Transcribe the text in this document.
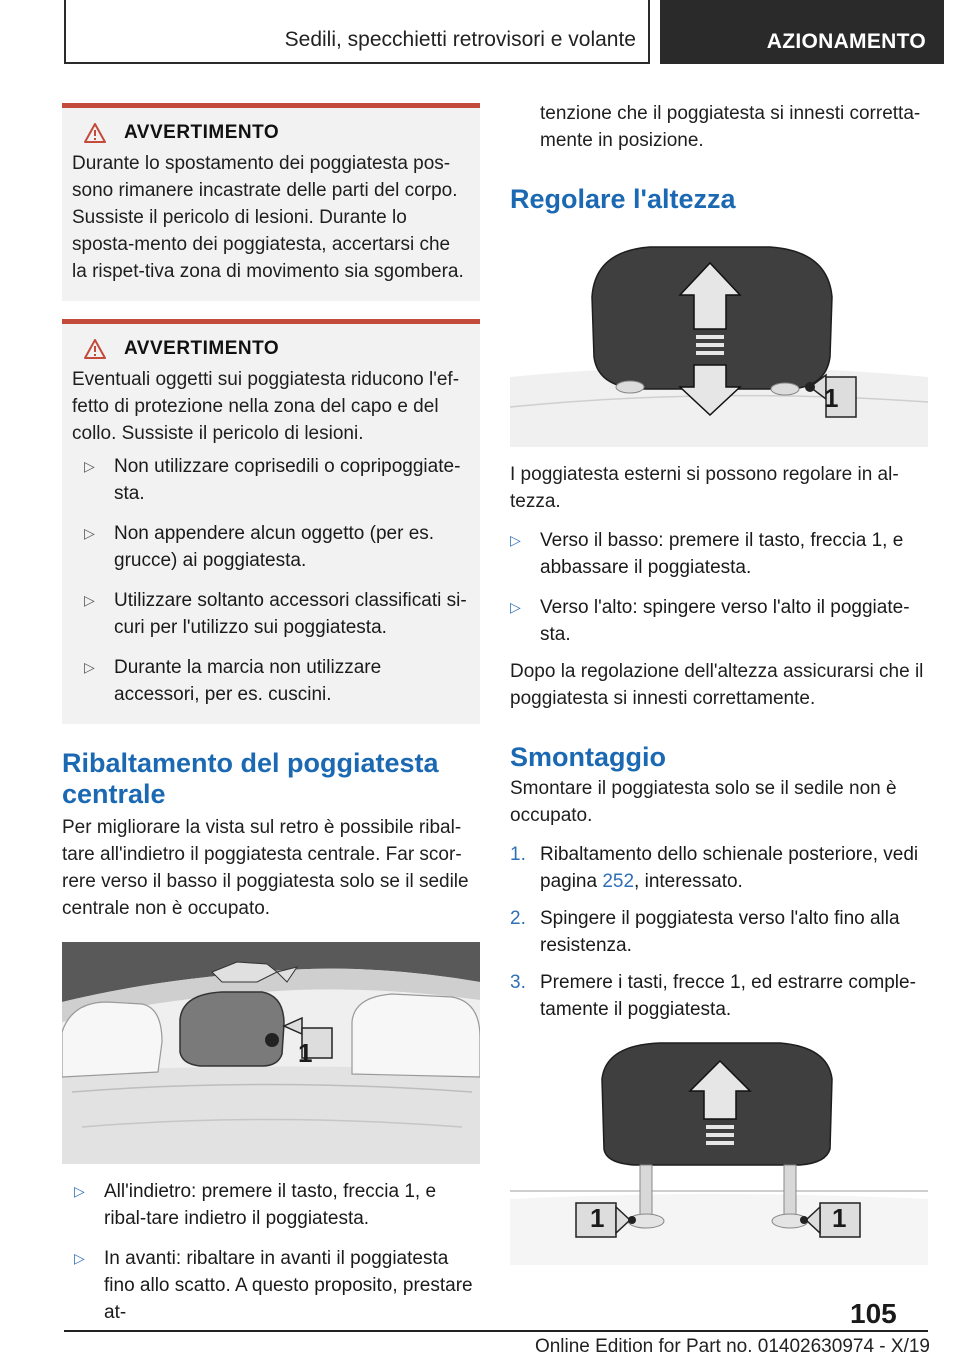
Sedili, specchietti retrovisori e volante	AZIONAMENTO
AVVERTIMENTO
Durante lo spostamento dei poggiatesta pos-sono rimanere incastrate delle parti del corpo. Sussiste il pericolo di lesioni. Durante lo sposta-mento dei poggiatesta, accertarsi che la rispet-tiva zona di movimento sia sgombera.
AVVERTIMENTO
Eventuali oggetti sui poggiatesta riducono l'ef-fetto di protezione nella zona del capo e del collo. Sussiste il pericolo di lesioni.
▷ Non utilizzare coprisedili o copripoggiate-sta.
▷ Non appendere alcun oggetto (per es. grucce) ai poggiatesta.
▷ Utilizzare soltanto accessori classificati si-curi per l'utilizzo sui poggiatesta.
▷ Durante la marcia non utilizzare accessori, per es. cuscini.
Ribaltamento del poggiatesta centrale

Per migliorare la vista sul retro è possibile ribal-tare all'indietro il poggiatesta centrale. Far scor-rere verso il basso il poggiatesta solo se il sedile centrale non è occupato.

1
▷ All'indietro: premere il tasto, freccia 1, e ribal-tare indietro il poggiatesta.
▷ In avanti: ribaltare in avanti il poggiatesta fino allo scatto. A questo proposito, prestare at-

tenzione che il poggiatesta si innesti corretta-mente in posizione.

Regolare l'altezza
1

I poggiatesta esterni si possono regolare in al-tezza.

▷ Verso il basso: premere il tasto, freccia 1, e abbassare il poggiatesta.
▷ Verso l'alto: spingere verso l'alto il poggiate-sta.

Dopo la regolazione dell'altezza assicurarsi che il poggiatesta si innesti correttamente.

Smontaggio

Smontare il poggiatesta solo se il sedile non è occupato.

1. Ribaltamento dello schienale posteriore, vedi pagina 252, interessato.
2. Spingere il poggiatesta verso l'alto fino alla resistenza.
3. Premere i tasti, frecce 1, ed estrarre comple-tamente il poggiatesta.
1	1
105
Online Edition for Part no. 01402630974 - X/19
